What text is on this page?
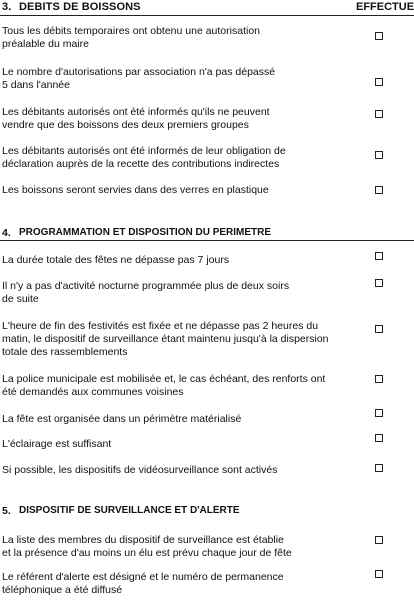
3. DEBITS DE BOISSONS	EFFECTUE
Tous les débits temporaires ont obtenu une autorisation
préalable du maire
Le nombre d'autorisations par association n'a pas dépassé
5 dans l'année
Les débitants autorisés ont été informés qu'ils ne peuvent
vendre que des boissons des deux premiers groupes
Les débitants autorisés ont été informés de leur obligation de
déclaration auprès de la recette des contributions indirectes
Les boissons seront servies dans des verres en plastique
4. PROGRAMMATION ET DISPOSITION DU PERIMETRE
La durée totale des fêtes ne dépasse pas 7 jours
Il n'y a pas d'activité nocturne programmée plus de deux soirs
de suite
L'heure de fin des festivités est fixée et ne dépasse pas 2 heures du
matin, le dispositif de surveillance étant maintenu jusqu'à la dispersion
totale des rassemblements
La police municipale est mobilisée et, le cas échéant, des renforts ont
été demandés aux communes voisines
La fête est organisée dans un périmètre matérialisé
L'éclairage est suffisant
Si possible, les dispositifs de vidéosurveillance sont activés
5. DISPOSITIF DE SURVEILLANCE ET D'ALERTE
La liste des membres du dispositif de surveillance est établie
et la présence d'au moins un élu est prévu chaque jour de fête
Le référent d'alerte est désigné et le numéro de permanence
téléphonique a été diffusé
